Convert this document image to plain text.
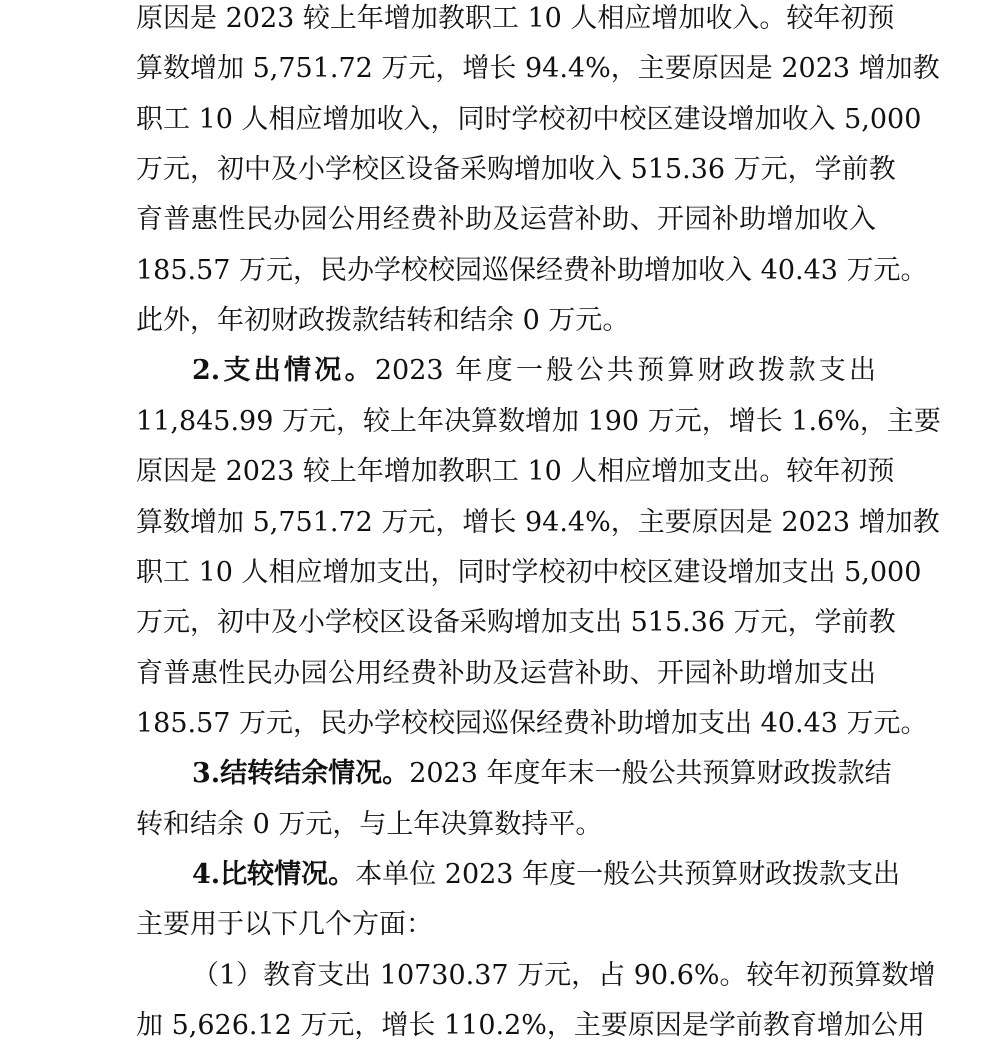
原因是 2023 较上年增加教职工 10 人相应增加收入。较年初预
算数增加 5,751.72 万元，增长 94.4%，主要原因是 2023 增加教
职工 10 人相应增加收入，同时学校初中校区建设增加收入 5,000
万元，初中及小学校区设备采购增加收入 515.36 万元，学前教
育普惠性民办园公用经费补助及运营补助、开园补助增加收入
185.57 万元，民办学校校园巡保经费补助增加收入 40.43 万元。
此外，年初财政拨款结转和结余 0 万元。
2.支出情况。2023 年度一般公共预算财政拨款支出
11,845.99 万元，较上年决算数增加 190 万元，增长 1.6%，主要
原因是 2023 较上年增加教职工 10 人相应增加支出。较年初预
算数增加 5,751.72 万元，增长 94.4%，主要原因是 2023 增加教
职工 10 人相应增加支出，同时学校初中校区建设增加支出 5,000
万元，初中及小学校区设备采购增加支出 515.36 万元，学前教
育普惠性民办园公用经费补助及运营补助、开园补助增加支出
185.57 万元，民办学校校园巡保经费补助增加支出 40.43 万元。
3.结转结余情况。2023 年度年末一般公共预算财政拨款结
转和结余 0 万元，与上年决算数持平。
4.比较情况。本单位 2023 年度一般公共预算财政拨款支出
主要用于以下几个方面：
（1）教育支出 10730.37 万元，占 90.6%。较年初预算数增
加 5,626.12 万元，增长 110.2%，主要原因是学前教育增加公用
